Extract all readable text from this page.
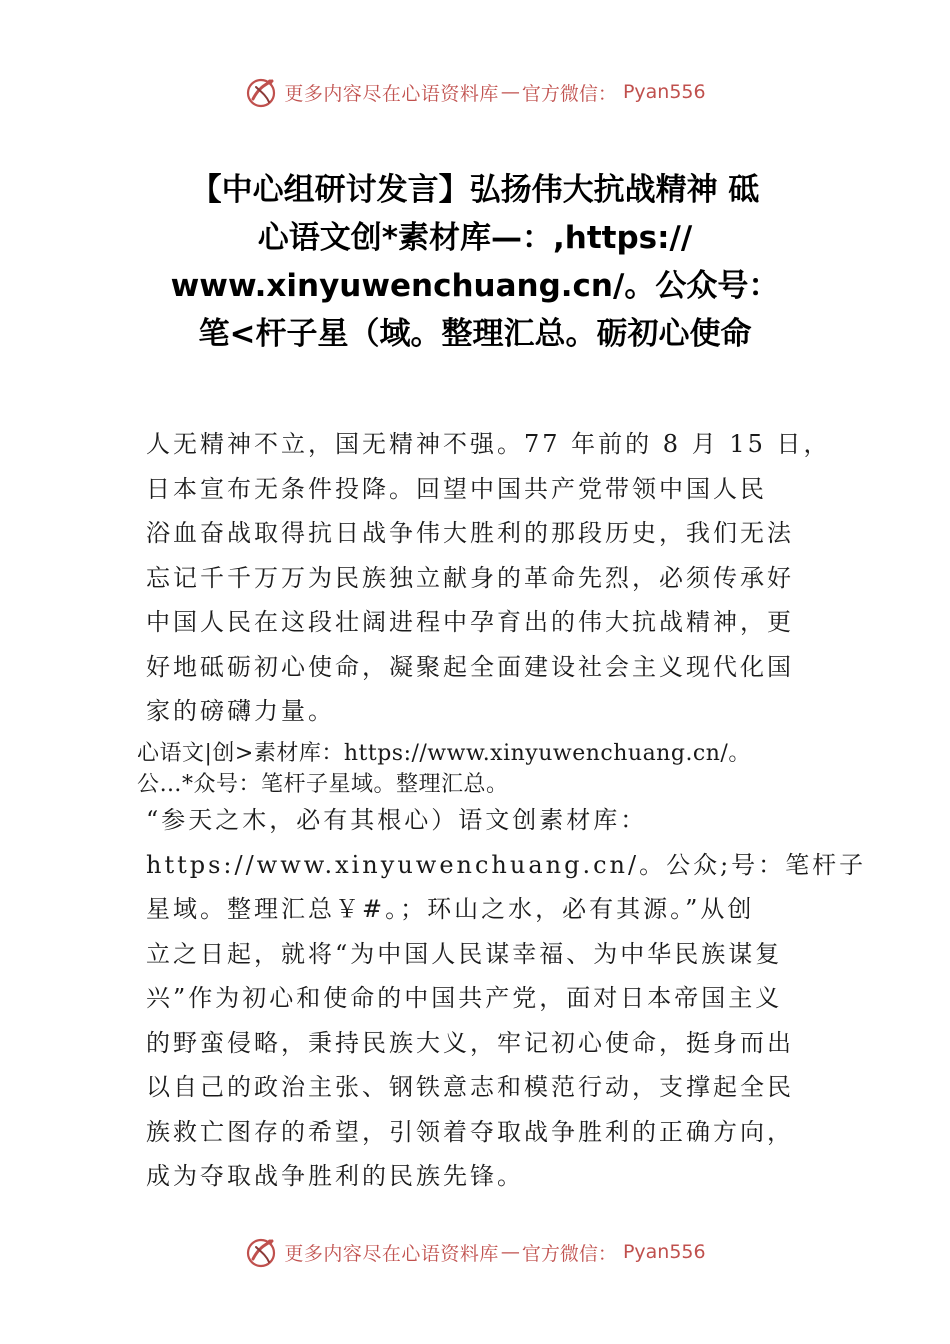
更多内容尽在心语资料库 — 官方微信： Pyan556
【中心组研讨发言】弘扬伟大抗战精神 砥
心语文创*素材库—：,https://
www.xinyuwenchuang.cn/。公众号：
笔<杆子星（域。整理汇总。砺初心使命
人无精神不立，国无精神不强。77 年前的 8 月 15 日，
日本宣布无条件投降。回望中国共产党带领中国人民
浴血奋战取得抗日战争伟大胜利的那段历史，我们无法
忘记千千万万为民族独立献身的革命先烈，必须传承好
中国人民在这段壮阔进程中孕育出的伟大抗战精神，更
好地砥砺初心使命，凝聚起全面建设社会主义现代化国
家的磅礴力量。
心语文|创>素材库：https://www.xinyuwenchuang.cn/。
公…*众号：笔杆子星域。整理汇总。
“参天之木，必有其根心）语文创素材库：
https://www.xinyuwenchuang.cn/。公众;号：笔杆子
星域。整理汇总￥#。；环山之水，必有其源。”从创
立之日起，就将“为中国人民谋幸福、为中华民族谋复
兴”作为初心和使命的中国共产党，面对日本帝国主义
的野蛮侵略，秉持民族大义，牢记初心使命，挺身而出
以自己的政治主张、钢铁意志和模范行动，支撑起全民
族救亡图存的希望，引领着夺取战争胜利的正确方向，
成为夺取战争胜利的民族先锋。
更多内容尽在心语资料库 — 官方微信： Pyan556
